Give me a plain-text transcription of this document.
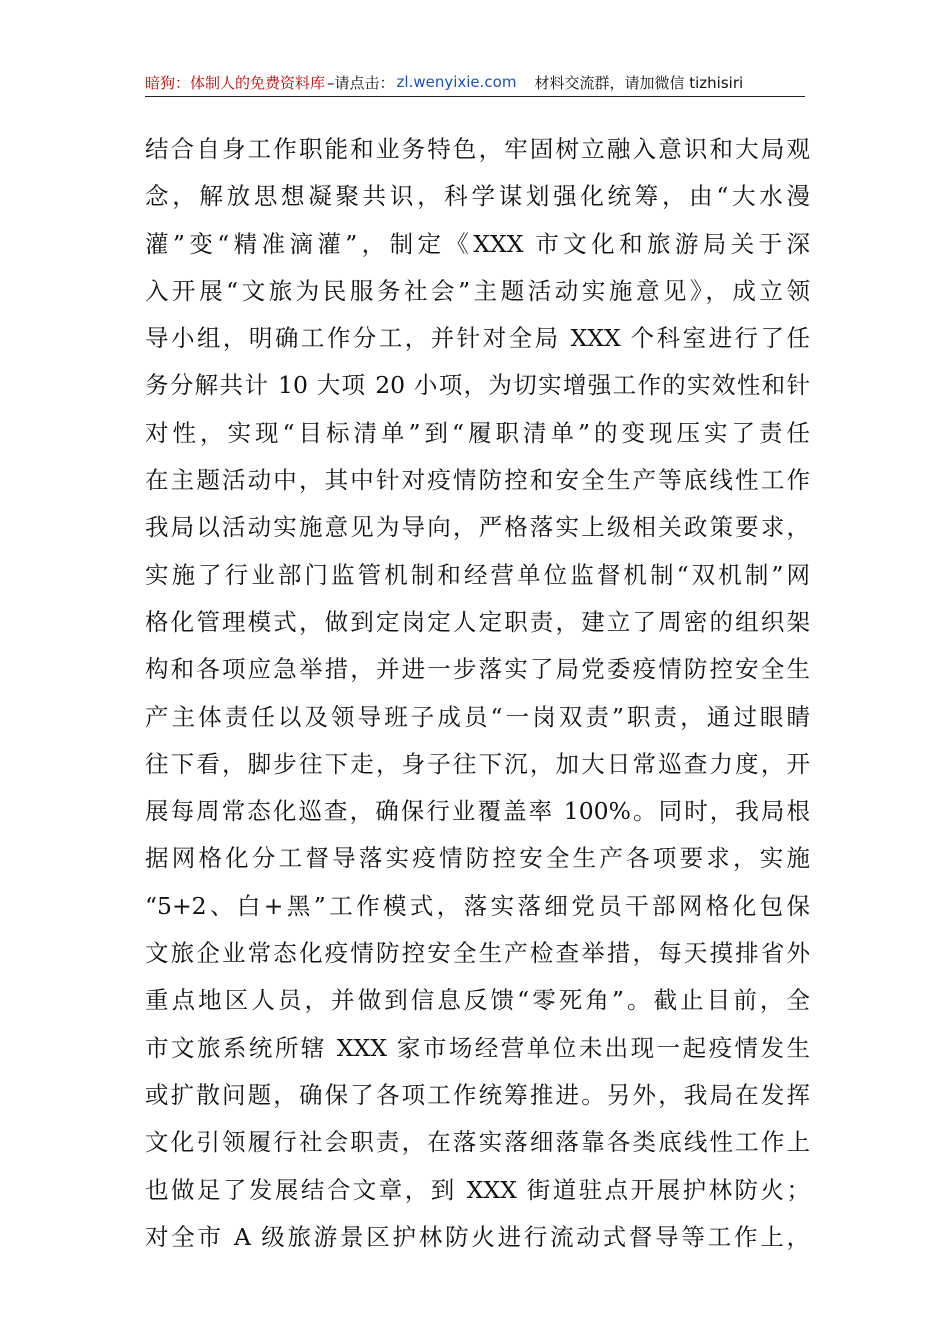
暗狗：体制人的免费资料库 –请点击： zl.wenyixie.com 材料交流群，请加微信 tizhisiri
结合自身工作职能和业务特色，牢固树立融入意识和大局观
念，解放思想凝聚共识，科学谋划强化统筹，由“大水漫
灌”变“精准滴灌”，制定《XXX 市文化和旅游局关于深
入开展“文旅为民服务社会”主题活动实施意见》，成立领
导小组，明确工作分工，并针对全局 XXX 个科室进行了任
务分解共计 10 大项 20 小项，为切实增强工作的实效性和针
对性，实现“目标清单”到“履职清单”的变现压实了责任
在主题活动中，其中针对疫情防控和安全生产等底线性工作
我局以活动实施意见为导向，严格落实上级相关政策要求，
实施了行业部门监管机制和经营单位监督机制“双机制”网
格化管理模式，做到定岗定人定职责，建立了周密的组织架
构和各项应急举措，并进一步落实了局党委疫情防控安全生
产主体责任以及领导班子成员“一岗双责”职责，通过眼睛
往下看，脚步往下走，身子往下沉，加大日常巡查力度，开
展每周常态化巡查，确保行业覆盖率 100%。同时，我局根
据网格化分工督导落实疫情防控安全生产各项要求，实施
“5+2、白+黑”工作模式，落实落细党员干部网格化包保
文旅企业常态化疫情防控安全生产检查举措，每天摸排省外
重点地区人员，并做到信息反馈“零死角”。截止目前，全
市文旅系统所辖 XXX 家市场经营单位未出现一起疫情发生
或扩散问题，确保了各项工作统筹推进。另外，我局在发挥
文化引领履行社会职责，在落实落细落靠各类底线性工作上
也做足了发展结合文章，到 XXX 街道驻点开展护林防火；
对全市 A 级旅游景区护林防火进行流动式督导等工作上，
